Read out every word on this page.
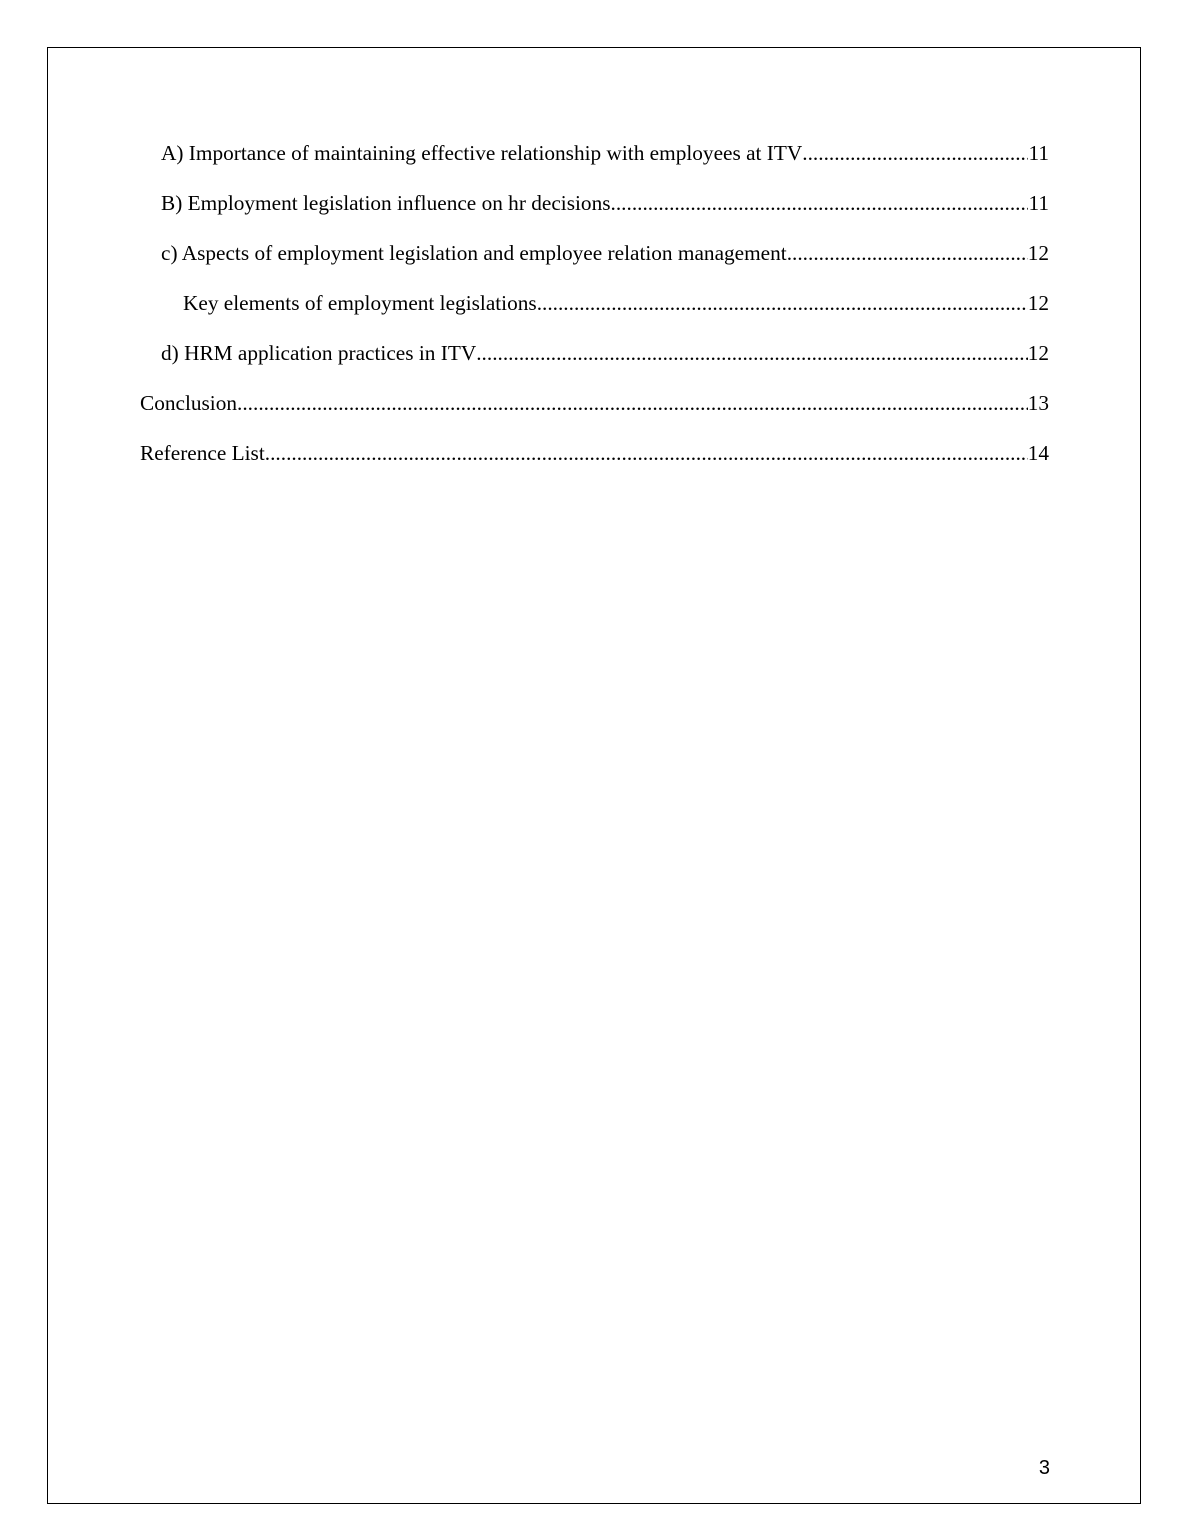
A) Importance of maintaining effective relationship with employees at ITV .....	11
B) Employment legislation influence on hr decisions .....	11
c) Aspects of employment legislation and employee relation management .....	12
Key elements of employment legislations .....	12
d) HRM application practices in ITV .....	12
Conclusion .....	13
Reference List .....	14
3
